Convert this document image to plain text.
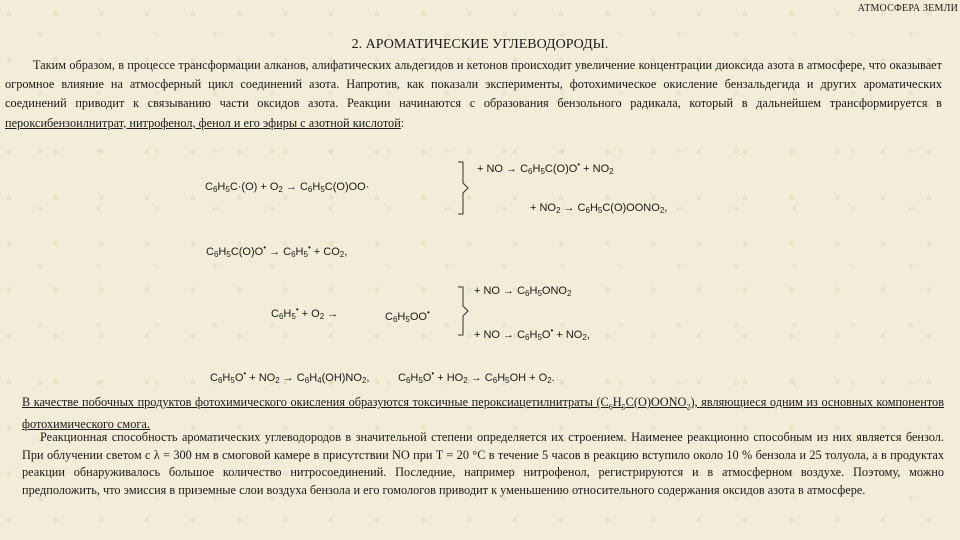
АТМОСФЕРА ЗЕМЛИ
2. АРОМАТИЧЕСКИЕ УГЛЕВОДОРОДЫ.

Таким образом, в процессе трансформации алканов, алифатических альдегидов и кетонов происходит увеличение концентрации диоксида азота в атмосфере, что оказывает огромное влияние на атмосферный цикл соединений азота. Напротив, как показали эксперименты, фотохимическое окисление бензальдегида и других ароматических соединений приводит к связыванию части оксидов азота. Реакции начинаются с образования бензольного радикала, который в дальнейшем трансформируется в пероксибензоилнитрат, нитрофенол, фенол и его эфиры с азотной кислотой:

$C_6H_5C\cdot(O) + O_2 \to C_6H_5C(O)OO\cdot$
+ NO → $C_6H_5C(O)O^• + NO_2$
+ $NO_2$ → $C_6H_5C(O)OONO_2$,
$C_6H_5C(O)O^• \to C_6H_5^• + CO_2$,
$C_6H_5^• + O_2$ →	$C_6H_5OO^•$
+ NO → $C_6H_5ONO_2$
+ NO → $C_6H_5O^• + NO_2$,
$C_6H_5O^• + NO_2 \to C_6H_4(OH)NO_2$,	$C_6H_5O^• + HO_2 \to C_6H_5OH + O_2$.

В качестве побочных продуктов фотохимического окисления образуются токсичные пероксиацетилнитраты $(C_6H_5C(O)OONO_2)$, являющиеся одним из основных компонентов фотохимического смога.

Реакционная способность ароматических углеводородов в значительной степени определяется их строением. Наименее реакционно способным из них является бензол. При облучении светом с λ = 300 нм в смоговой камере в присутствии NO при T = 20 °С в течение 5 часов в реакцию вступило около 10 % бензола и 25 толуола, а в продуктах реакции обнаруживалось большое количество нитросоединений. Последние, например нитрофенол, регистрируются и в атмосферном воздухе. Поэтому, можно предположить, что эмиссия в приземные слои воздуха бензола и его гомологов приводит к уменьшению относительного содержания оксидов азота в атмосфере.
